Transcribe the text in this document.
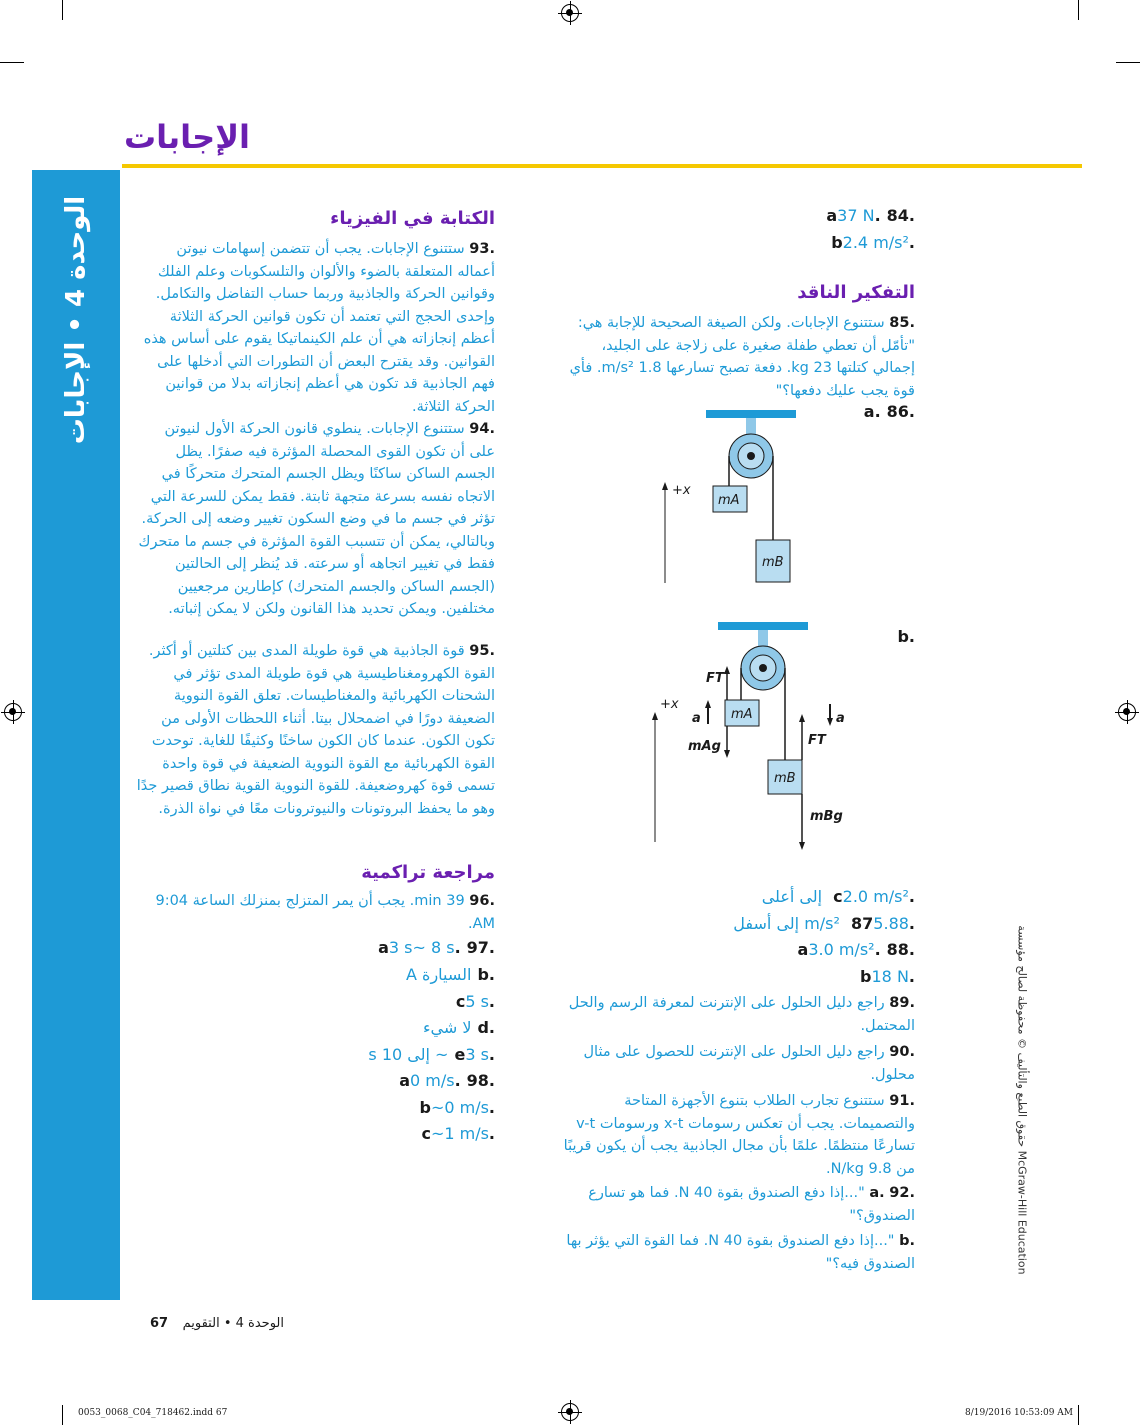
الإجابات
الوحدة 4 • الإجابات	.84.a37 N
.b2.4 m/s²
التفكير الناقد
.85 ستتنوع الإجابات. ولكن الصيغة الصحيحة للإجابة هي: "تأمّل أن تعطي طفلة صغيرة على زلاجة على الجليد، إجمالي كتلتها 23 kg. دفعة تصبح تسارعها 1.8 m/s². فأي قوة يجب عليك دفعها؟"
.86.a
+x
mA
mB
.b
+x
FT
a mA
mAg
a
FT
mB
mBg
.c2.0 m/s² إلى أعلى
.875.88 m/s² إلى أسفل
.88.a3.0 m/s²
.b18 N
.89 راجع دليل الحلول على الإنترنت لمعرفة الرسم والحل المحتمل.
.90 راجع دليل الحلول على الإنترنت للحصول على مثال محلول.
.91 ستتنوع تجارب الطلاب بتنوع الأجهزة المتاحة والتصميمات. يجب أن تعكس رسومات x-t ورسومات v-t تسارعًا منتظمًا. علمًا بأن مجال الجاذبية يجب أن يكون قريبًا من 9.8 N/kg.
.92 .a "...إذا دفع الصندوق بقوة 40 N. فما هو تسارع الصندوق؟"
.b "...إذا دفع الصندوق بقوة 40 N. فما القوة التي يؤثر بها الصندوق فيه؟"
الكتابة في الفيزياء
.93 ستتنوع الإجابات. يجب أن تتضمن إسهامات نيوتن أعماله المتعلقة بالضوء والألوان والتلسكوبات وعلم الفلك وقوانين الحركة والجاذبية وربما حساب التفاضل والتكامل. وإحدى الحجج التي تعتمد أن تكون قوانين الحركة الثلاثة أعظم إنجازاته هي أن علم الكينماتيكا يقوم على أساس هذه القوانين. وقد يقترح البعض أن التطورات التي أدخلها على فهم الجاذبية قد تكون هي أعظم إنجازاته بدلا من قوانين الحركة الثلاثة.
.94 ستتنوع الإجابات. ينطوي قانون الحركة الأول لنيوتن على أن تكون القوى المحصلة المؤثرة فيه صفرًا. يظل الجسم الساكن ساكنًا ويظل الجسم المتحرك متحركًا في الاتجاه نفسه بسرعة متجهة ثابتة. فقط يمكن للسرعة التي تؤثر في جسم ما في وضع السكون تغيير وضعه إلى الحركة. وبالتالي، يمكن أن تتسبب القوة المؤثرة في جسم ما متحرك فقط في تغيير اتجاهه أو سرعته. قد يُنظر إلى الحالتين (الجسم الساكن والجسم المتحرك) كإطارين مرجعيين مختلفين. ويمكن تحديد هذا القانون ولكن لا يمكن إثباته.
.95 قوة الجاذبية هي قوة طويلة المدى بين كتلتين أو أكثر. القوة الكهرومغناطيسية هي قوة طويلة المدى تؤثر في الشحنات الكهربائية والمغناطيسات. تعلق القوة النووية الضعيفة دورًا في اضمحلال بيتا. أثناء اللحظات الأولى من تكون الكون. عندما كان الكون ساخنًا وكثيفًا للغاية. توحدت القوة الكهربائية مع القوة النووية الضعيفة في قوة واحدة تسمى قوة كهروضعيفة. للقوة النووية القوية نطاق قصير جدًا وهو ما يحفظ البروتونات والنيوترونات معًا في نواة الذرة.
مراجعة تراكمية
.96 39 min. يجب أن يمر المتزلج بمنزلك الساعة 9:04 AM.
.97.a3 s~ 8 s
.bالسيارة A
.c5 s
.dلا شيء
.e3 s~ إلى 10 s
.98.a0 m/s
.b~0 m/s
.c~1 m/s	حقوق الطبع والتأليف © محفوظة لصالح مؤسسة McGraw-Hill Education
67 الوحدة 4 • التقويم
0053_0068_C04_718462.indd 67	8/19/2016 10:53:09 AM
